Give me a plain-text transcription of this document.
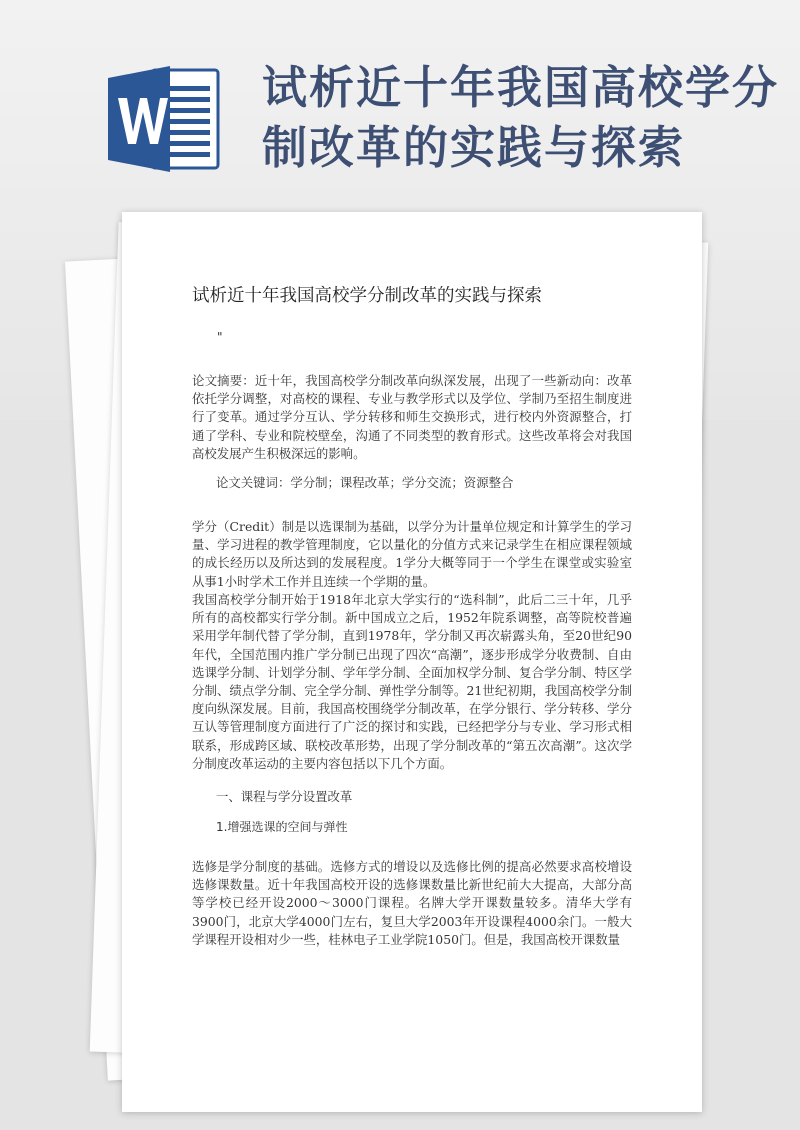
试析近十年我国高校学分制改革的实践与探索
试析近十年我国高校学分制改革的实践与探索
"
论文摘要：近十年，我国高校学分制改革向纵深发展，出现了一些新动向：改革依托学分调整，对高校的课程、专业与教学形式以及学位、学制乃至招生制度进行了变革。通过学分互认、学分转移和师生交换形式，进行校内外资源整合，打通了学科、专业和院校壁垒，沟通了不同类型的教育形式。这些改革将会对我国高校发展产生积极深远的影响。
论文关键词：学分制；课程改革；学分交流；资源整合
学分（Credit）制是以选课制为基础，以学分为计量单位规定和计算学生的学习量、学习进程的教学管理制度，它以量化的分值方式来记录学生在相应课程领域的成长经历以及所达到的发展程度。1学分大概等同于一个学生在课堂或实验室从事1小时学术工作并且连续一个学期的量。
我国高校学分制开始于1918年北京大学实行的“选科制”，此后二三十年，几乎所有的高校都实行学分制。新中国成立之后，1952年院系调整，高等院校普遍采用学年制代替了学分制，直到1978年，学分制又再次崭露头角，至20世纪90年代，全国范围内推广学分制已出现了四次“高潮”，逐步形成学分收费制、自由选课学分制、计划学分制、学年学分制、全面加权学分制、复合学分制、特区学分制、绩点学分制、完全学分制、弹性学分制等。21世纪初期，我国高校学分制度向纵深发展。目前，我国高校围绕学分制改革，在学分银行、学分转移、学分互认等管理制度方面进行了广泛的探讨和实践，已经把学分与专业、学习形式相联系，形成跨区域、联校改革形势，出现了学分制改革的“第五次高潮”。这次学分制度改革运动的主要内容包括以下几个方面。
一、课程与学分设置改革
1.增强选课的空间与弹性
选修是学分制度的基础。选修方式的增设以及选修比例的提高必然要求高校增设选修课数量。近十年我国高校开设的选修课数量比新世纪前大大提高，大部分高等学校已经开设2000～3000门课程。名牌大学开课数量较多。清华大学有3900门，北京大学4000门左右，复旦大学2003年开设课程4000余门。一般大学课程开设相对少一些，桂林电子工业学院1050门。但是，我国高校开课数量
